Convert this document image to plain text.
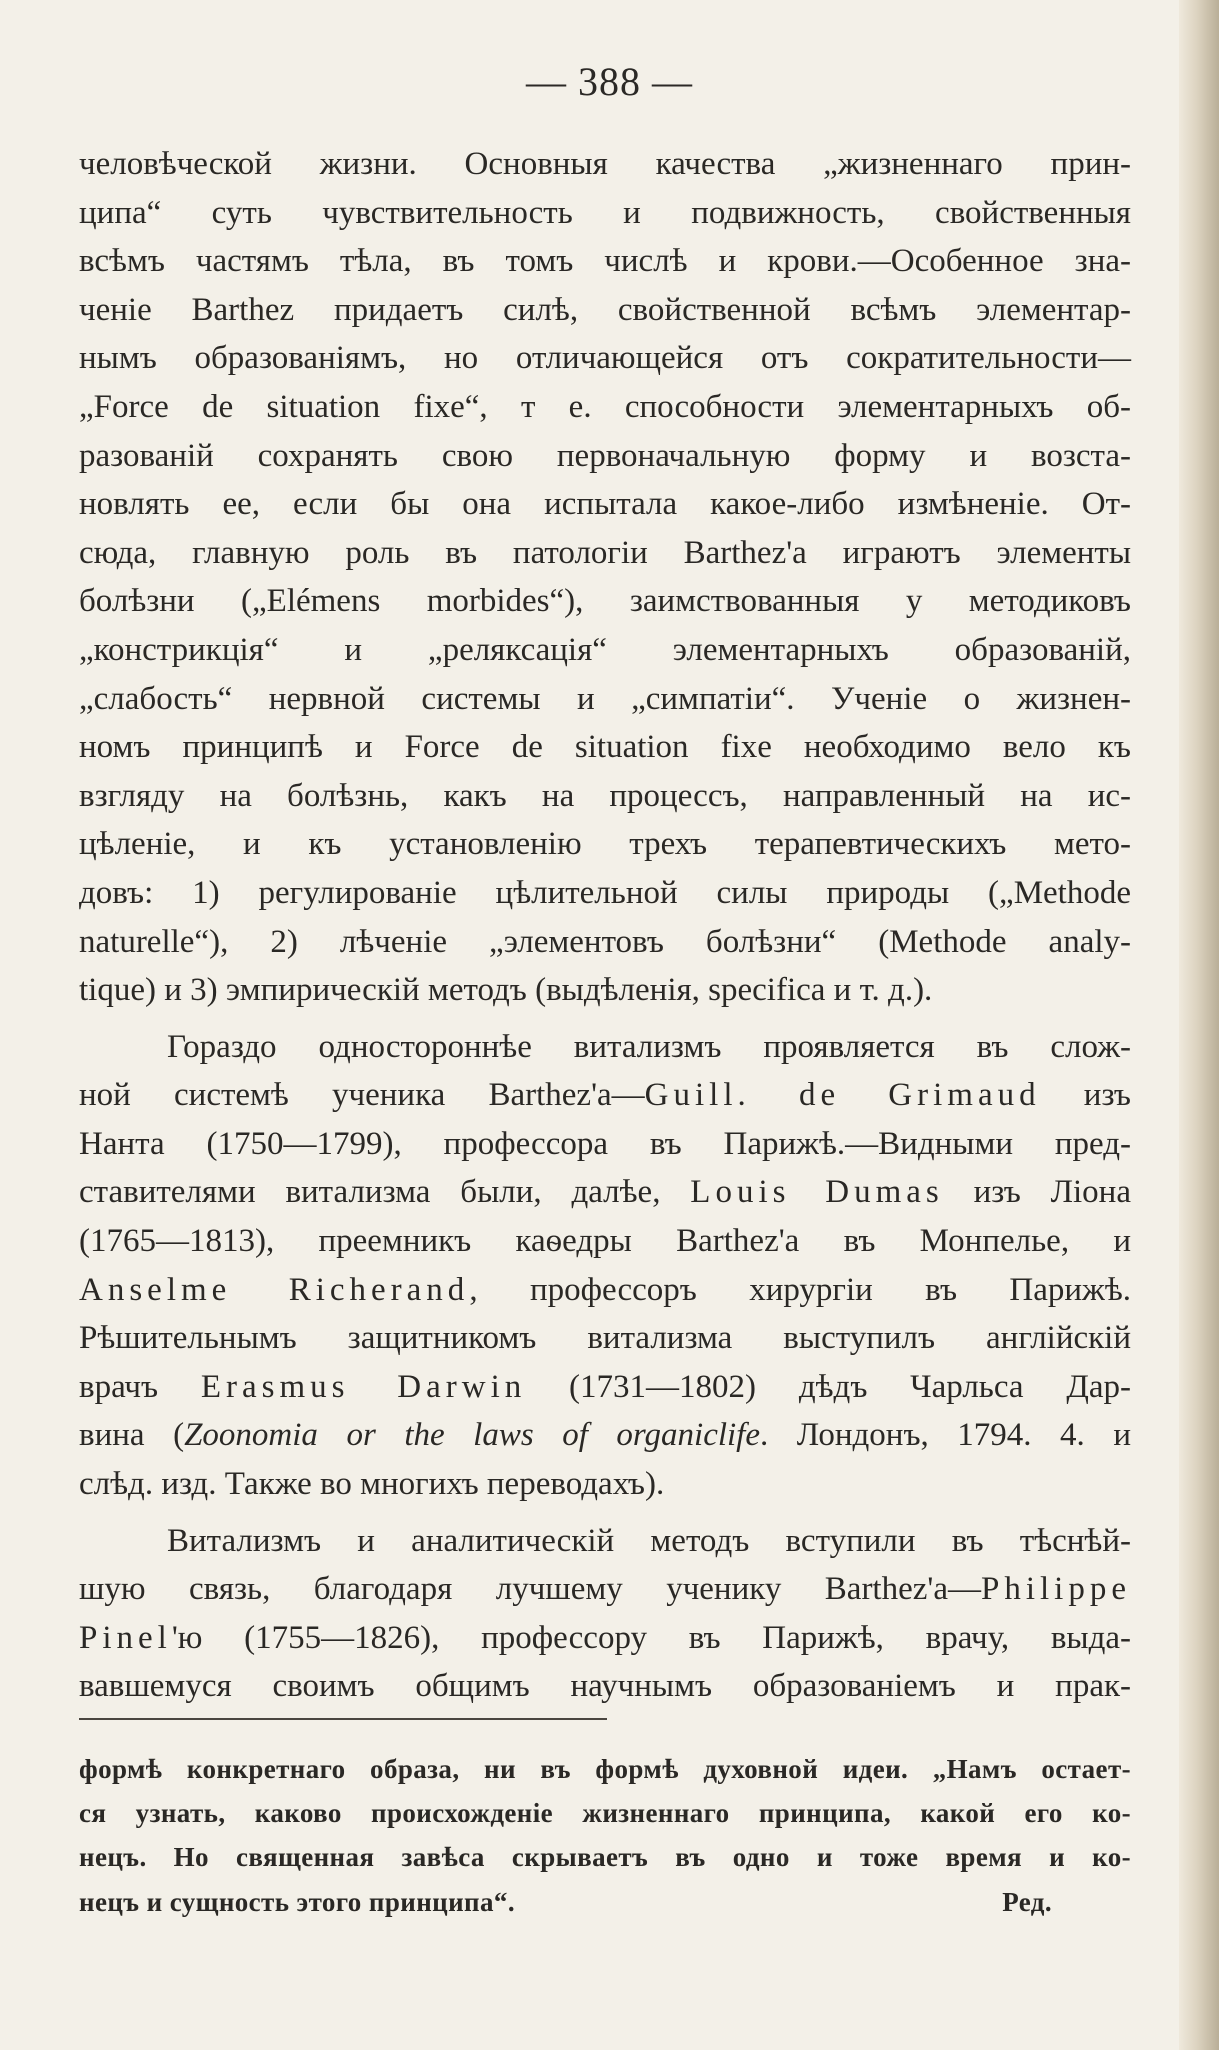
— 388 —

человѣческой жизни. Основныя качества „жизненнаго прин-

ципа“ суть чувствительность и подвижность, свойственныя

всѣмъ частямъ тѣла, въ томъ числѣ и крови.—Особенное зна-

ченіе Barthez придаетъ силѣ, свойственной всѣмъ элементар-

нымъ образованіямъ, но отличающейся отъ сократительности—

„Force de situation fixe“, т е. способности элементарныхъ об-

разованій сохранять свою первоначальную форму и возста-

новлять ее, если бы она испытала какое-либо измѣненіе. От-

сюда, главную роль въ патологіи Barthez'а играютъ элементы

болѣзни („Elémens morbides“), заимствованныя у методиковъ

„констрикція“ и „реляксація“ элементарныхъ образованій,

„слабость“ нервной системы и „симпатіи“. Ученіе о жизнен-

номъ принципѣ и Force de situation fixe необходимо вело къ

взгляду на болѣзнь, какъ на процессъ, направленный на ис-

цѣленіе, и къ установленію трехъ терапевтическихъ мето-

довъ: 1) регулированіе цѣлительной силы природы („Methode

naturelle“), 2) лѣченіе „элементовъ болѣзни“ (Methode analy-

tique) и 3) эмпирическій методъ (выдѣленія, specifica и т. д.).

Гораздо одностороннѣе витализмъ проявляется въ слож-

ной системѣ ученика Barthez'a—Guill. de Grimaud изъ

Нанта (1750—1799), профессора въ Парижѣ.—Видными пред-

ставителями витализма были, далѣе, Louis Dumas изъ Ліона

(1765—1813), преемникъ каѳедры Barthez'a въ Монпелье, и

Anselme Richerand, профессоръ хирургіи въ Парижѣ.

Рѣшительнымъ защитникомъ витализма выступилъ англійскій

врачъ Erasmus Darwin (1731—1802) дѣдъ Чарльса Дар-

вина (Zoonomia or the laws of organiclife. Лондонъ, 1794. 4. и

слѣд. изд. Также во многихъ переводахъ).

Витализмъ и аналитическій методъ вступили въ тѣснѣй-

шую связь, благодаря лучшему ученику Barthez'a—Philippe

Pinel'ю (1755—1826), профессору въ Парижѣ, врачу, выда-

вавшемуся своимъ общимъ научнымъ образованіемъ и прак-

формѣ конкретнаго образа, ни въ формѣ духовной идеи. „Намъ остает-

ся узнать, каково происхожденіе жизненнаго принципа, какой его ко-

нецъ. Но священная завѣса скрываетъ въ одно и тоже время и ко-

нецъ и сущность этого принципа“.	Ред.
